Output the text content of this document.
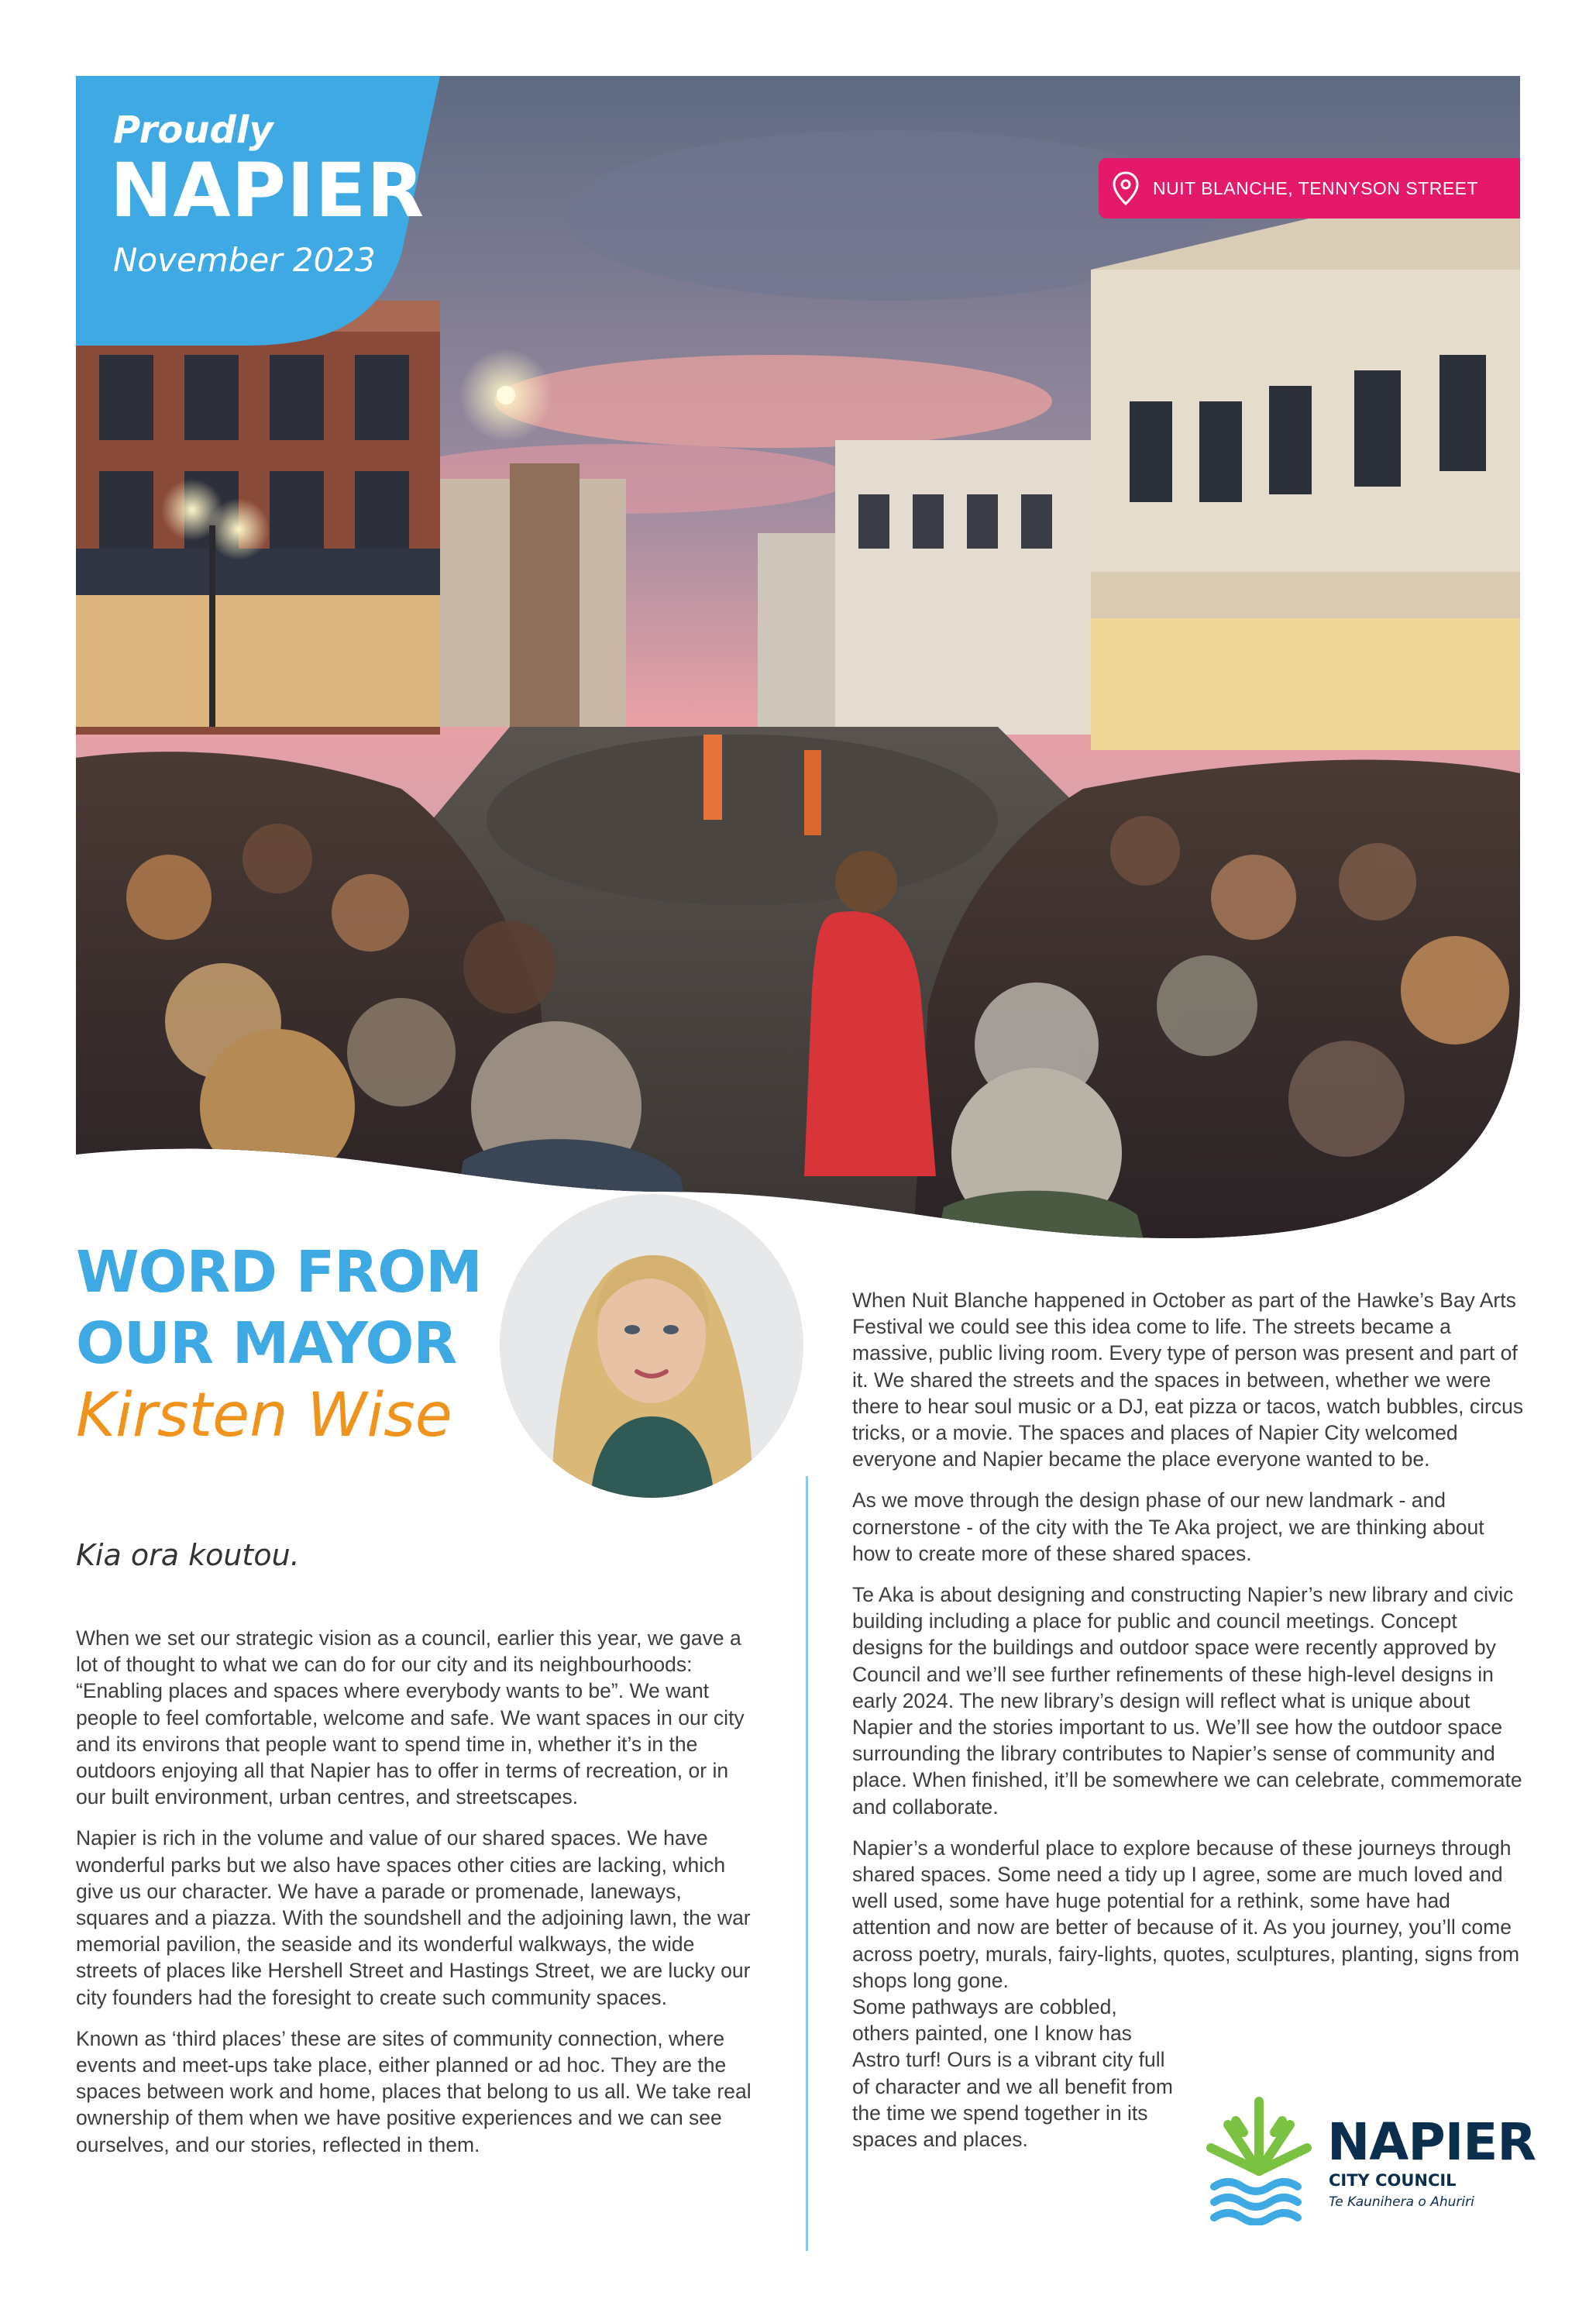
Proudly
NAPIER
November 2023
NUIT BLANCHE, TENNYSON STREET
WORD FROM
OUR MAYOR
Kirsten Wise
Kia ora koutou.

When we set our strategic vision as a council, earlier this year, we gave a lot of thought to what we can do for our city and its neighbourhoods: “Enabling places and spaces where everybody wants to be”. We want people to feel comfortable, welcome and safe. We want spaces in our city and its environs that people want to spend time in, whether it’s in the outdoors enjoying all that Napier has to offer in terms of recreation, or in our built environment, urban centres, and streetscapes.

Napier is rich in the volume and value of our shared spaces. We have wonderful parks but we also have spaces other cities are lacking, which give us our character. We have a parade or promenade, laneways, squares and a piazza. With the soundshell and the adjoining lawn, the war memorial pavilion, the seaside and its wonderful walkways, the wide streets of places like Hershell Street and Hastings Street, we are lucky our city founders had the foresight to create such community spaces.

Known as ‘third places’ these are sites of community connection, where events and meet-ups take place, either planned or ad hoc. They are the spaces between work and home, places that belong to us all. We take real ownership of them when we have positive experiences and we can see ourselves, and our stories, reflected in them.

When Nuit Blanche happened in October as part of the Hawke’s Bay Arts Festival we could see this idea come to life. The streets became a massive, public living room. Every type of person was present and part of it. We shared the streets and the spaces in between, whether we were there to hear soul music or a DJ, eat pizza or tacos, watch bubbles, circus tricks, or a movie. The spaces and places of Napier City welcomed everyone and Napier became the place everyone wanted to be.

As we move through the design phase of our new landmark - and cornerstone - of the city with the Te Aka project, we are thinking about how to create more of these shared spaces.

Te Aka is about designing and constructing Napier’s new library and civic building including a place for public and council meetings. Concept designs for the buildings and outdoor space were recently approved by Council and we’ll see further refinements of these high-level designs in early 2024. The new library’s design will reflect what is unique about Napier and the stories important to us. We’ll see how the outdoor space surrounding the library contributes to Napier’s sense of community and place. When finished, it’ll be somewhere we can celebrate, commemorate and collaborate.

Napier’s a wonderful place to explore because of these journeys through shared spaces. Some need a tidy up I agree, some are much loved and well used, some have huge potential for a rethink, some have had attention and now are better of because of it. As you journey, you’ll come across poetry, murals, fairy-lights, quotes, sculptures, planting, signs from shops long gone.

Some pathways are cobbled, others painted, one I know has Astro turf! Ours is a vibrant city full of character and we all benefit from the time we spend together in its spaces and places.	NAPIER
CITY COUNCIL
Te Kaunihera o Ahuriri
